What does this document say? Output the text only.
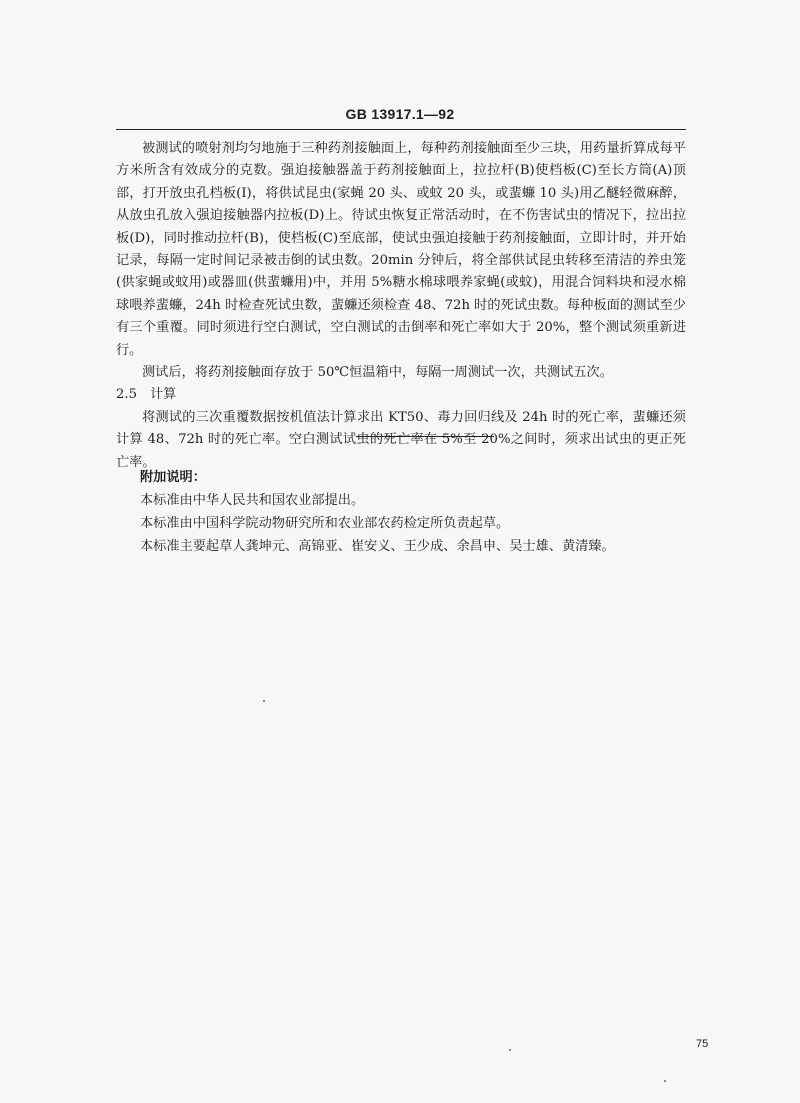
GB 13917.1—92

被测试的喷射剂均匀地施于三种药剂接触面上，每种药剂接触面至少三块，用药量折算成每平方米所含有效成分的克数。强迫接触器盖于药剂接触面上，拉拉杆(B)使档板(C)至长方筒(A)顶部，打开放虫孔档板(I)，将供试昆虫(家蝇 20 头、或蚊 20 头，或蜚蠊 10 头)用乙醚轻微麻醉，从放虫孔放入强迫接触器内拉板(D)上。待试虫恢复正常活动时，在不伤害试虫的情况下，拉出拉板(D)，同时推动拉杆(B)，使档板(C)至底部，使试虫强迫接触于药剂接触面，立即计时，并开始记录，每隔一定时间记录被击倒的试虫数。20min 分钟后，将全部供试昆虫转移至清洁的养虫笼(供家蝇或蚊用)或器皿(供蜚蠊用)中，并用 5%糖水棉球喂养家蝇(或蚊)，用混合饲料块和浸水棉球喂养蜚蠊，24h 时检查死试虫数，蜚蠊还须检查 48、72h 时的死试虫数。每种板面的测试至少有三个重覆。同时须进行空白测试，空白测试的击倒率和死亡率如大于 20%，整个测试须重新进行。

测试后，将药剂接触面存放于 50℃恒温箱中，每隔一周测试一次，共测试五次。

2.5 计算

将测试的三次重覆数据按机值法计算求出 KT50、毒力回归线及 24h 时的死亡率，蜚蠊还须计算 48、72h 时的死亡率。空白测试试虫的死亡率在 5%至 20%之间时，须求出试虫的更正死亡率。

附加说明：

本标准由中华人民共和国农业部提出。

本标准由中国科学院动物研究所和农业部农药检定所负责起草。

本标准主要起草人龚坤元、高锦亚、崔安义、王少成、余昌申、吴士雄、黄清臻。

75
